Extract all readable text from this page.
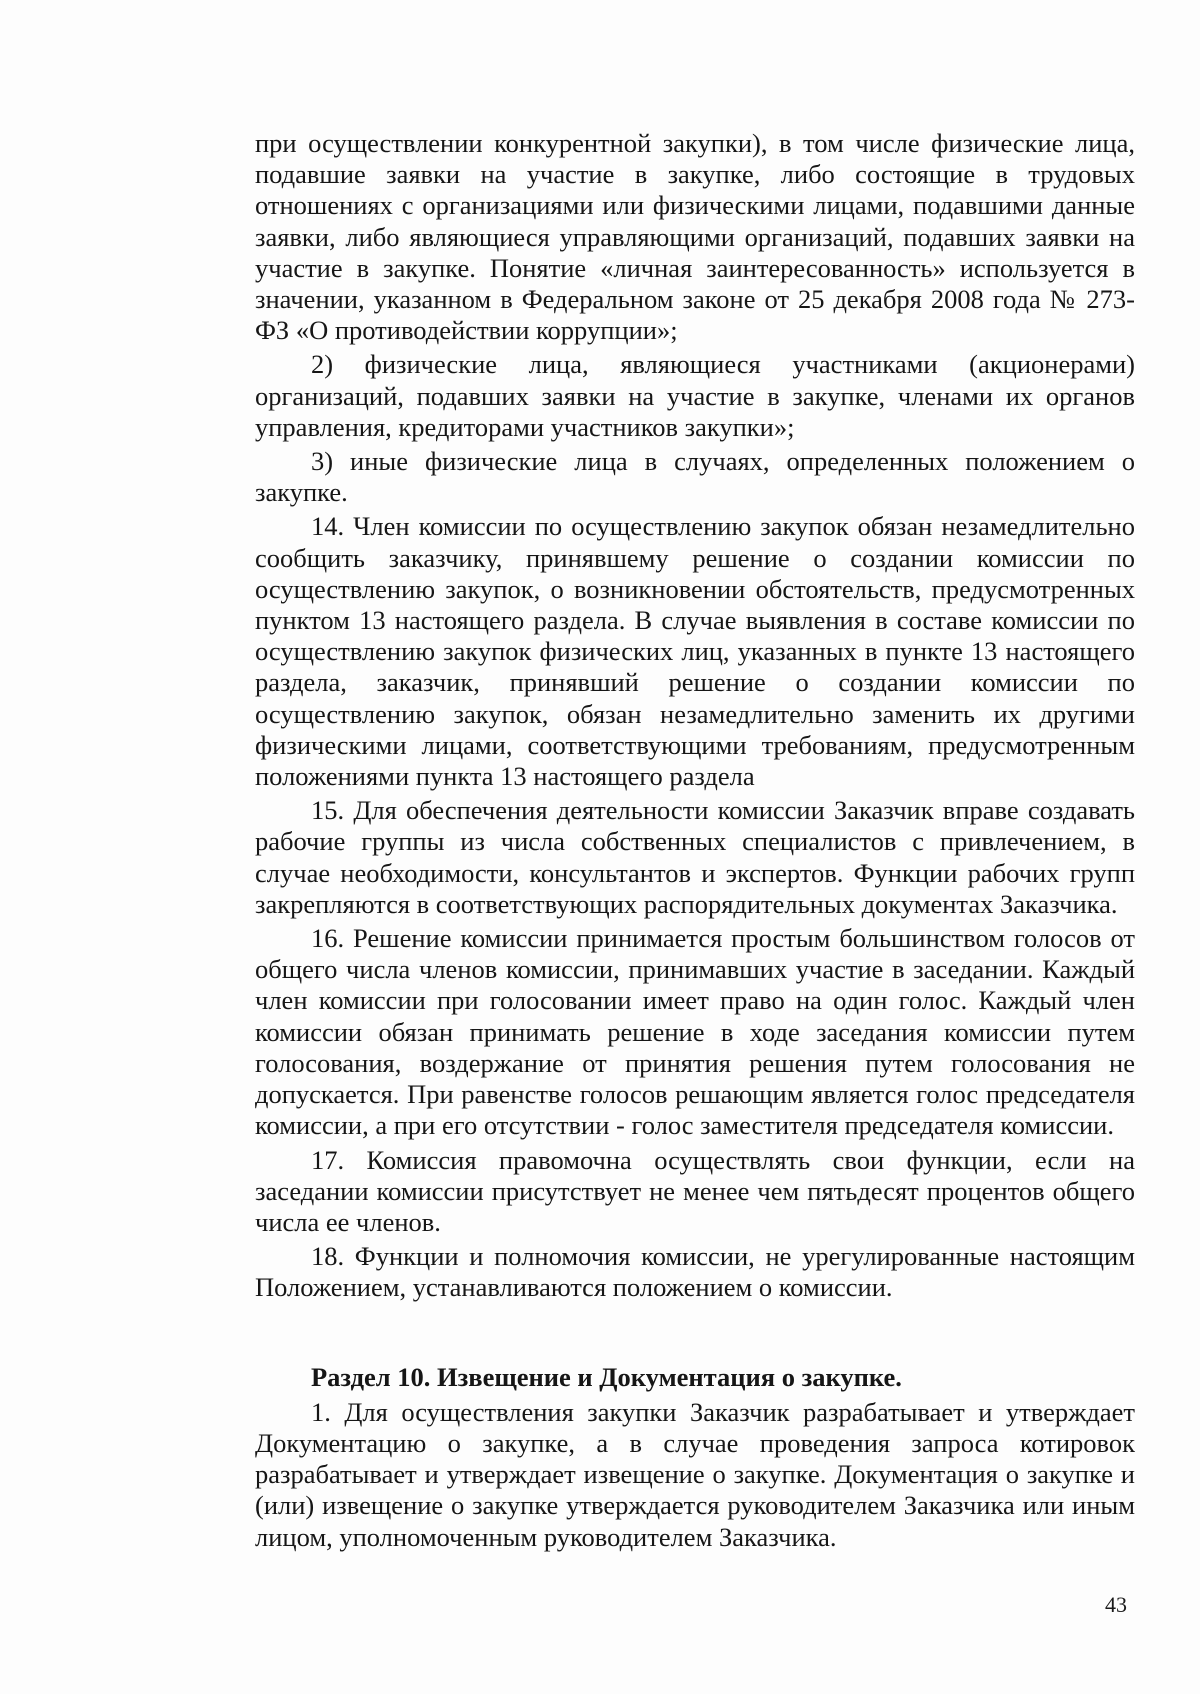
при осуществлении конкурентной закупки), в том числе физические лица, подавшие заявки на участие в закупке, либо состоящие в трудовых отношениях с организациями или физическими лицами, подавшими данные заявки, либо являющиеся управляющими организаций, подавших заявки на участие в закупке. Понятие «личная заинтересованность» используется в значении, указанном в Федеральном законе от 25 декабря 2008 года № 273-ФЗ «О противодействии коррупции»;

2) физические лица, являющиеся участниками (акционерами) организаций, подавших заявки на участие в закупке, членами их органов управления, кредиторами участников закупки»;

3) иные физические лица в случаях, определенных положением о закупке.

14. Член комиссии по осуществлению закупок обязан незамедлительно сообщить заказчику, принявшему решение о создании комиссии по осуществлению закупок, о возникновении обстоятельств, предусмотренных пунктом 13 настоящего раздела. В случае выявления в составе комиссии по осуществлению закупок физических лиц, указанных в пункте 13 настоящего раздела, заказчик, принявший решение о создании комиссии по осуществлению закупок, обязан незамедлительно заменить их другими физическими лицами, соответствующими требованиям, предусмотренным положениями пункта 13 настоящего раздела

15. Для обеспечения деятельности комиссии Заказчик вправе создавать рабочие группы из числа собственных специалистов с привлечением, в случае необходимости, консультантов и экспертов. Функции рабочих групп закрепляются в соответствующих распорядительных документах Заказчика.

16. Решение комиссии принимается простым большинством голосов от общего числа членов комиссии, принимавших участие в заседании. Каждый член комиссии при голосовании имеет право на один голос. Каждый член комиссии обязан принимать решение в ходе заседания комиссии путем голосования, воздержание от принятия решения путем голосования не допускается. При равенстве голосов решающим является голос председателя комиссии, а при его отсутствии - голос заместителя председателя комиссии.

17. Комиссия правомочна осуществлять свои функции, если на заседании комиссии присутствует не менее чем пятьдесят процентов общего числа ее членов.

18. Функции и полномочия комиссии, не урегулированные настоящим Положением, устанавливаются положением о комиссии.

Раздел 10. Извещение и Документация о закупке.

1. Для осуществления закупки Заказчик разрабатывает и утверждает Документацию о закупке, а в случае проведения запроса котировок разрабатывает и утверждает извещение о закупке. Документация о закупке и (или) извещение о закупке утверждается руководителем Заказчика или иным лицом, уполномоченным руководителем Заказчика.

43
